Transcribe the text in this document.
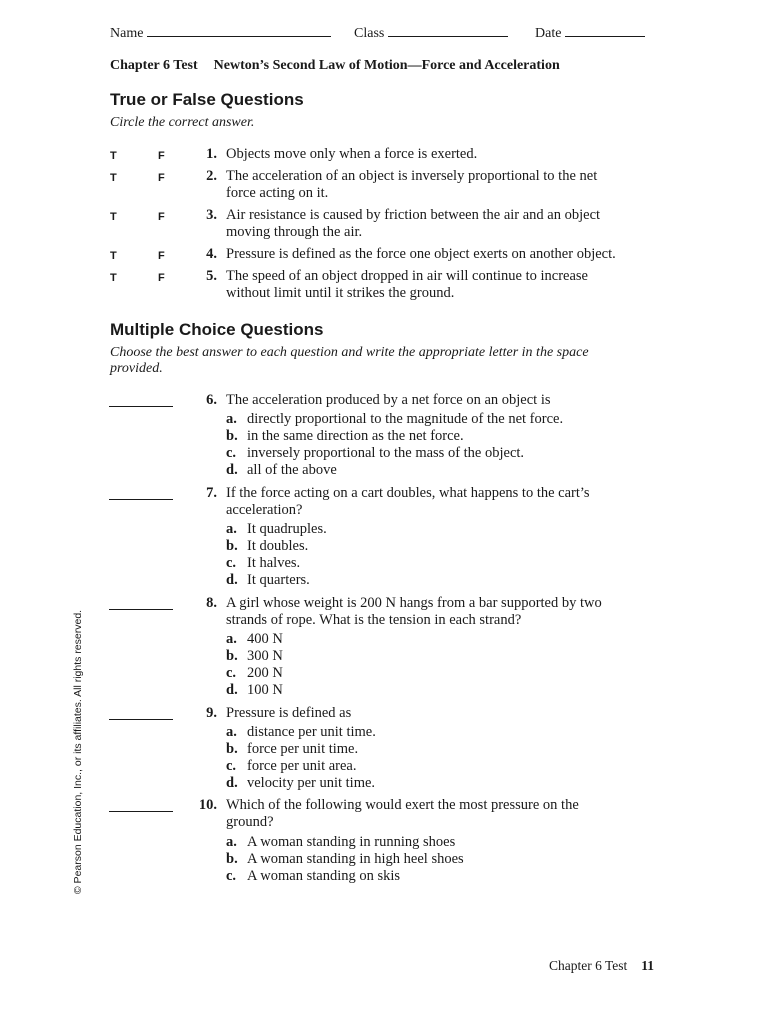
Name	Class	Date
Chapter 6 Test Newton’s Second Law of Motion—Force and Acceleration
True or False Questions
Circle the correct answer.
T	F	1. Objects move only when a force is exerted.
T	F	2. The acceleration of an object is inversely proportional to the net
force acting on it.
T	F	3. Air resistance is caused by friction between the air and an object
moving through the air.
T	F	4. Pressure is defined as the force one object exerts on another object.
T	F	5. The speed of an object dropped in air will continue to increase
without limit until it strikes the ground.
Multiple Choice Questions
Choose the best answer to each question and write the appropriate letter in the space provided.
6. The acceleration produced by a net force on an object is
a. directly proportional to the magnitude of the net force.
b. in the same direction as the net force.
c. inversely proportional to the mass of the object.
d. all of the above
7. If the force acting on a cart doubles, what happens to the cart’s
acceleration?
a. It quadruples.
b. It doubles.
c. It halves.
d. It quarters.
8. A girl whose weight is 200 N hangs from a bar supported by two
strands of rope. What is the tension in each strand?
a. 400 N
b. 300 N
c. 200 N
d. 100 N
9. Pressure is defined as
a. distance per unit time.
b. force per unit time.
c. force per unit area.
d. velocity per unit time.
10. Which of the following would exert the most pressure on the
ground?
a. A woman standing in running shoes
b. A woman standing in high heel shoes
c. A woman standing on skis
© Pearson Education, Inc., or its affiliates. All rights reserved.
Chapter 6 Test 11
